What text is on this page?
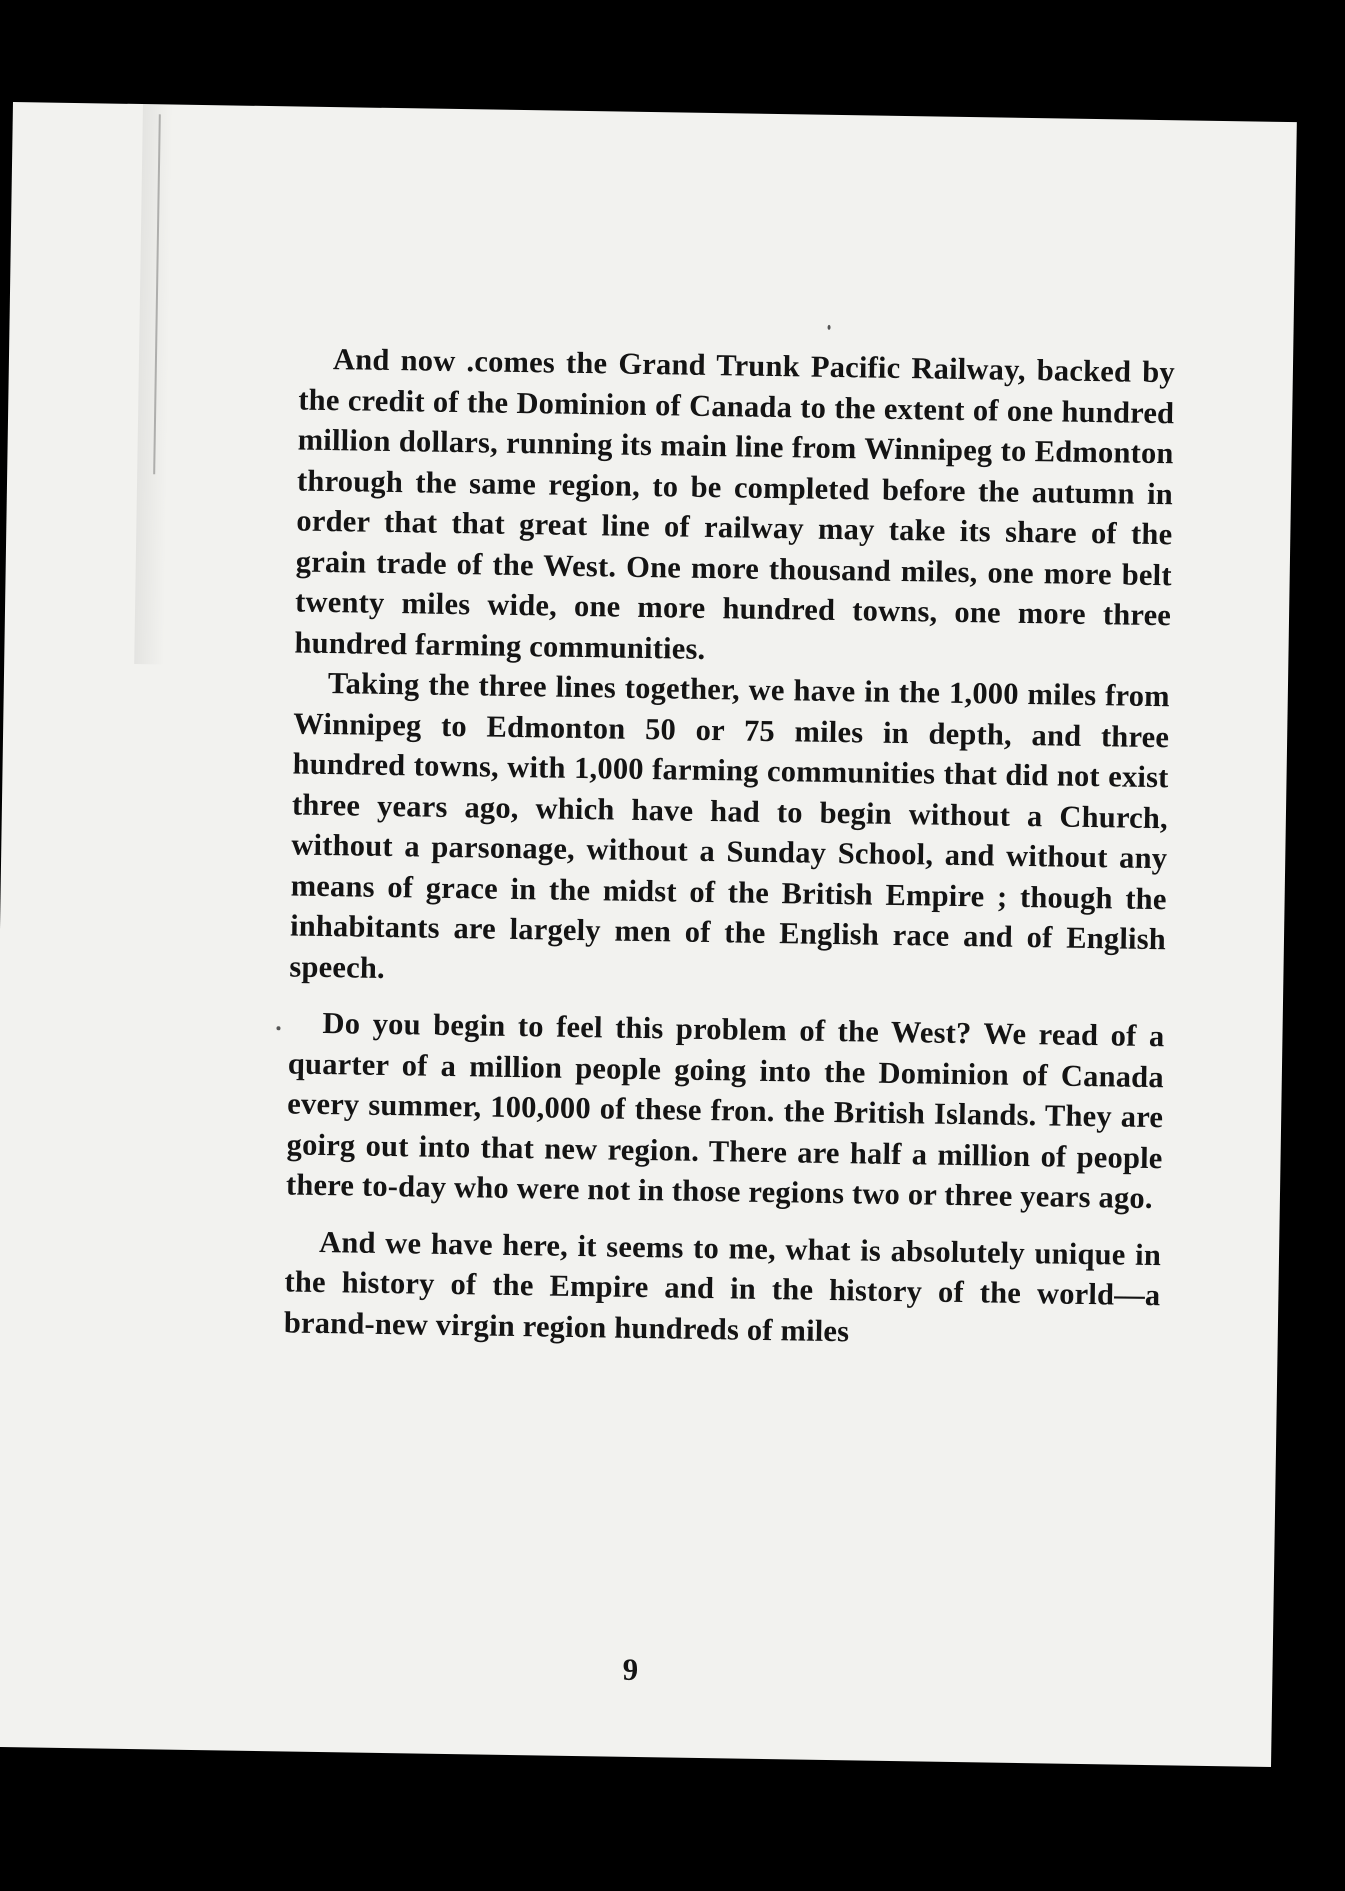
And now .comes the Grand Trunk Pacific Railway, backed by the credit of the Dominion of Canada to the extent of one hundred million dollars, running its main line from Winnipeg to Edmonton through the same region, to be completed before the autumn in order that that great line of railway may take its share of the grain trade of the West. One more thousand miles, one more belt twenty miles wide, one more hundred towns, one more three hundred farming communities.

Taking the three lines together, we have in the 1,000 miles from Winnipeg to Edmonton 50 or 75 miles in depth, and three hundred towns, with 1,000 farming communities that did not exist three years ago, which have had to begin without a Church, without a parsonage, without a Sunday School, and without any means of grace in the midst of the British Empire ; though the inhabitants are largely men of the English race and of English speech.

Do you begin to feel this problem of the West? We read of a quarter of a million people going into the Dominion of Canada every summer, 100,000 of these fron. the British Islands. They are goirg out into that new region. There are half a million of people there to-day who were not in those regions two or three years ago.

And we have here, it seems to me, what is absolutely unique in the history of the Empire and in the history of the world—a brand-new virgin region hundreds of miles

9
